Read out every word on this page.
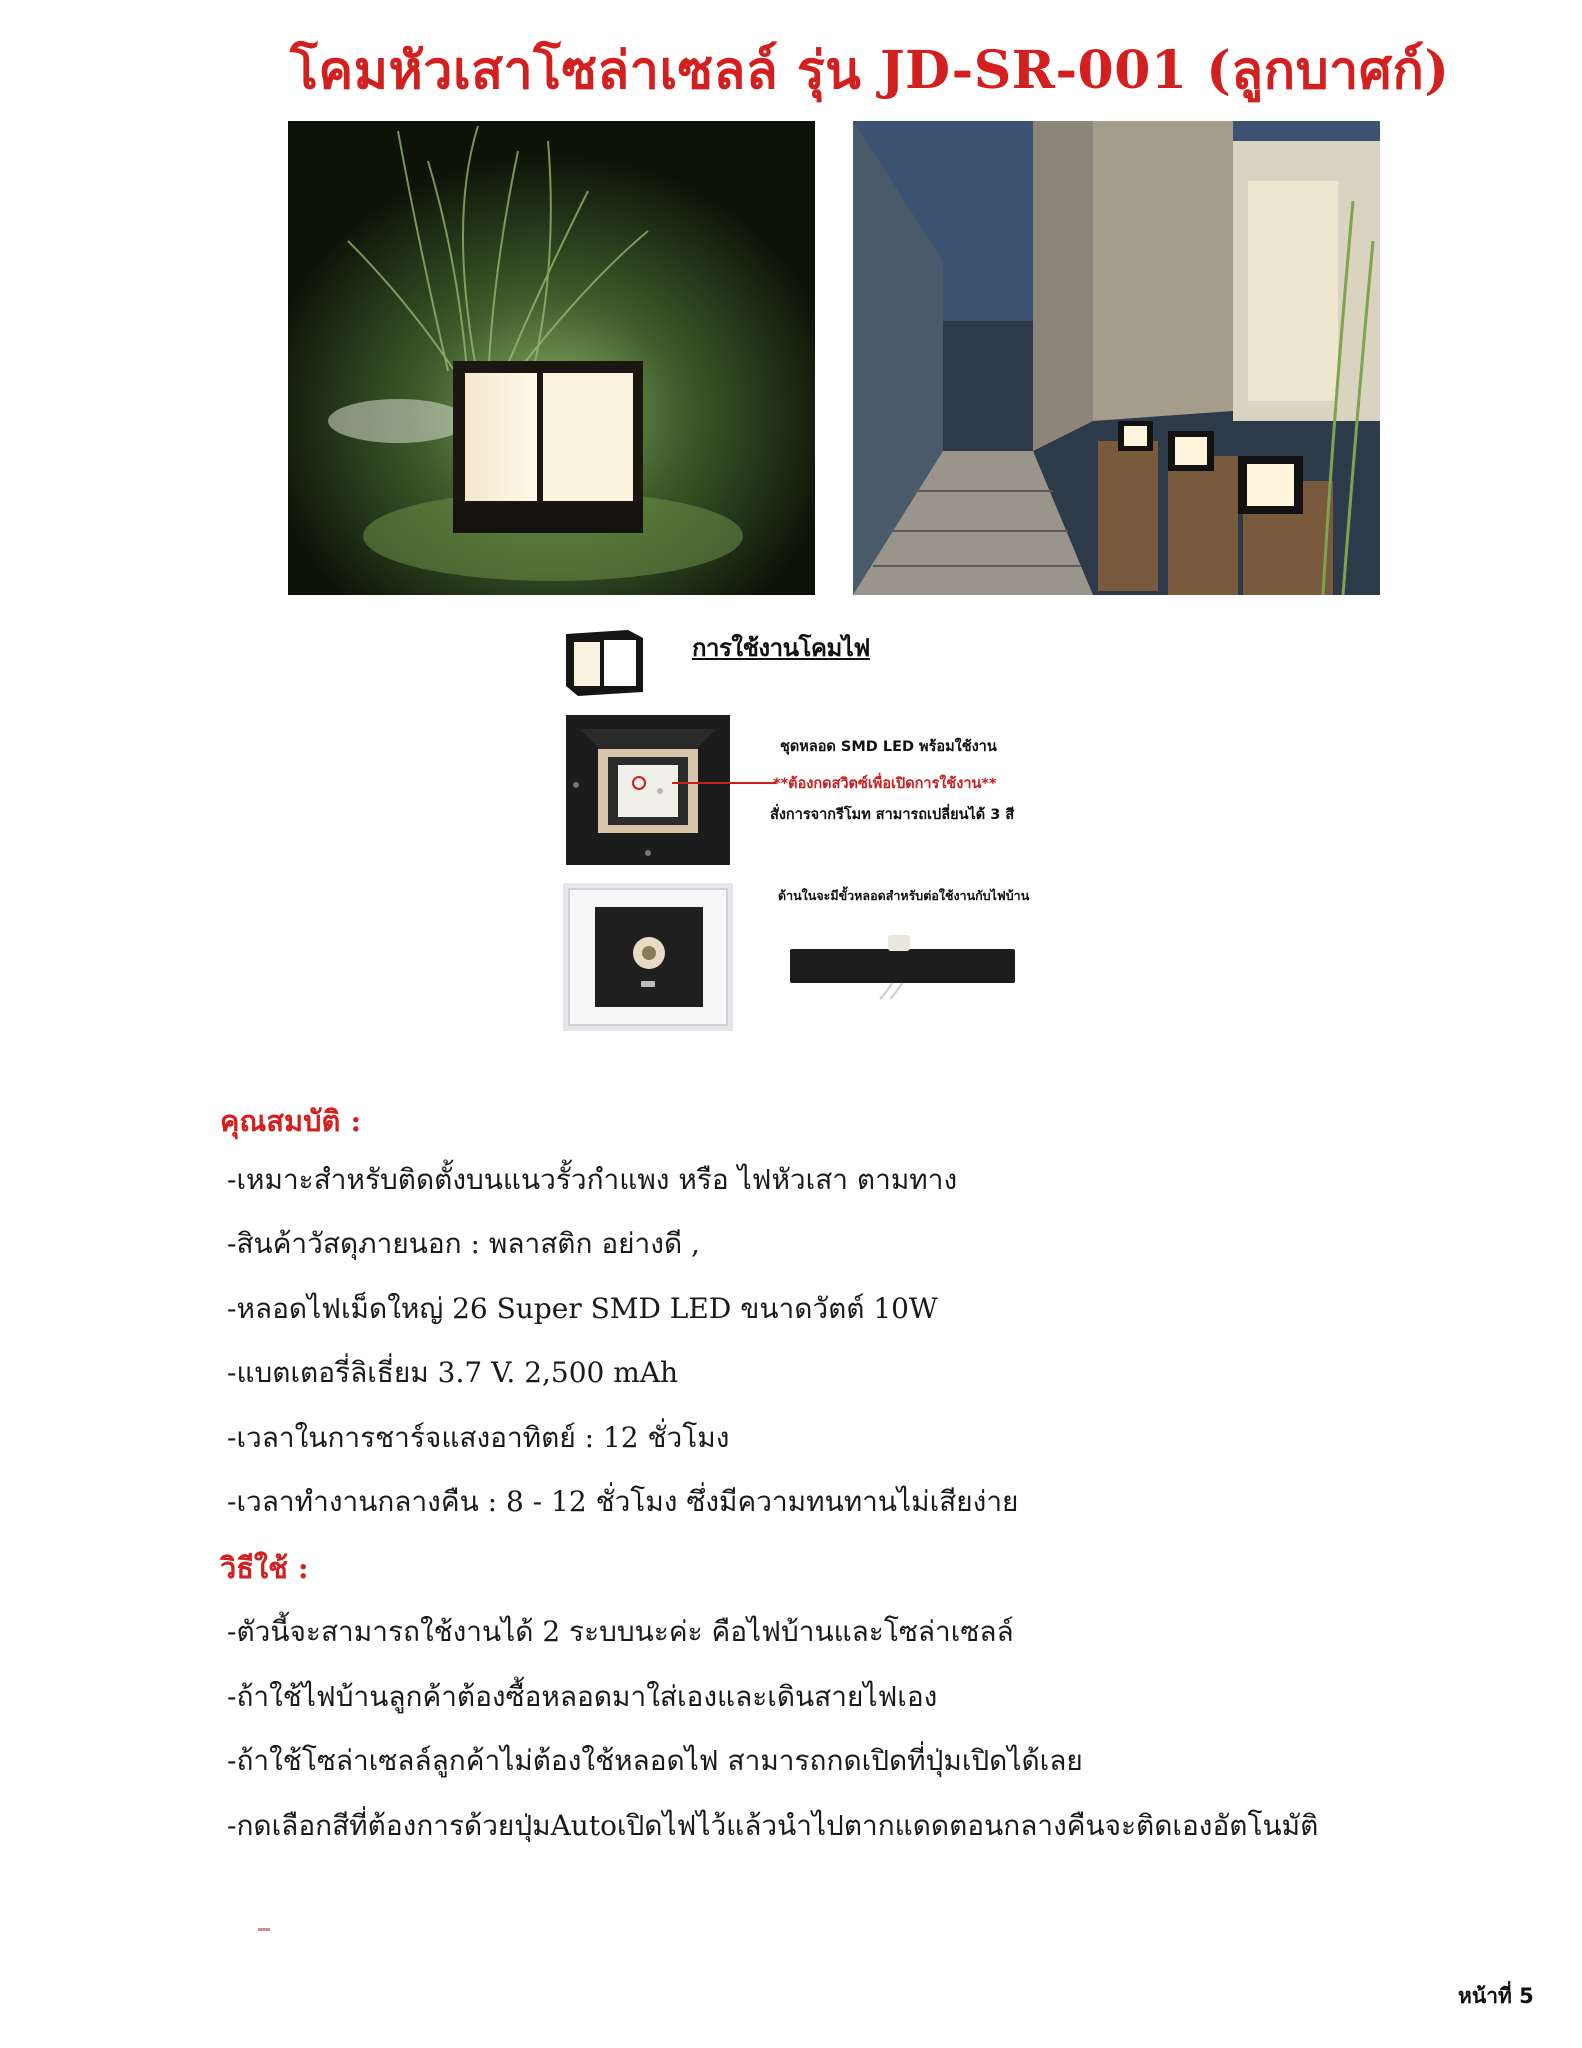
โคมหัวเสาโซล่าเซลล์ รุ่น JD-SR-001 (ลูกบาศก์)
การใช้งานโคมไฟ
ชุดหลอด SMD LED พร้อมใช้งาน
**ต้องกดสวิตซ์เพื่อเปิดการใช้งาน**
สั่งการจากรีโมท สามารถเปลี่ยนได้ 3 สี
ด้านในจะมีขั้วหลอดสำหรับต่อใช้งานกับไฟบ้าน
คุณสมบัติ :
-เหมาะสำหรับติดตั้งบนแนวรั้วกำแพง หรือ ไฟหัวเสา ตามทาง
-สินค้าวัสดุภายนอก : พลาสติก อย่างดี ,
-หลอดไฟเม็ดใหญ่ 26 Super SMD LED ขนาดวัตต์ 10W
-แบตเตอรี่ลิเธี่ยม 3.7 V. 2,500 mAh
-เวลาในการชาร์จแสงอาทิตย์ : 12 ชั่วโมง
-เวลาทำงานกลางคืน : 8 - 12 ชั่วโมง ซึ่งมีความทนทานไม่เสียง่าย
วิธีใช้ :
-ตัวนี้จะสามารถใช้งานได้ 2 ระบบนะค่ะ คือไฟบ้านและโซล่าเซลล์
-ถ้าใช้ไฟบ้านลูกค้าต้องซื้อหลอดมาใส่เองและเดินสายไฟเอง
-ถ้าใช้โซล่าเซลล์ลูกค้าไม่ต้องใช้หลอดไฟ สามารถกดเปิดที่ปุ่มเปิดได้เลย
-กดเลือกสีที่ต้องการด้วยปุ่มAutoเปิดไฟไว้แล้วนำไปตากแดดตอนกลางคืนจะติดเองอัตโนมัติ
หน้าที่ 5
